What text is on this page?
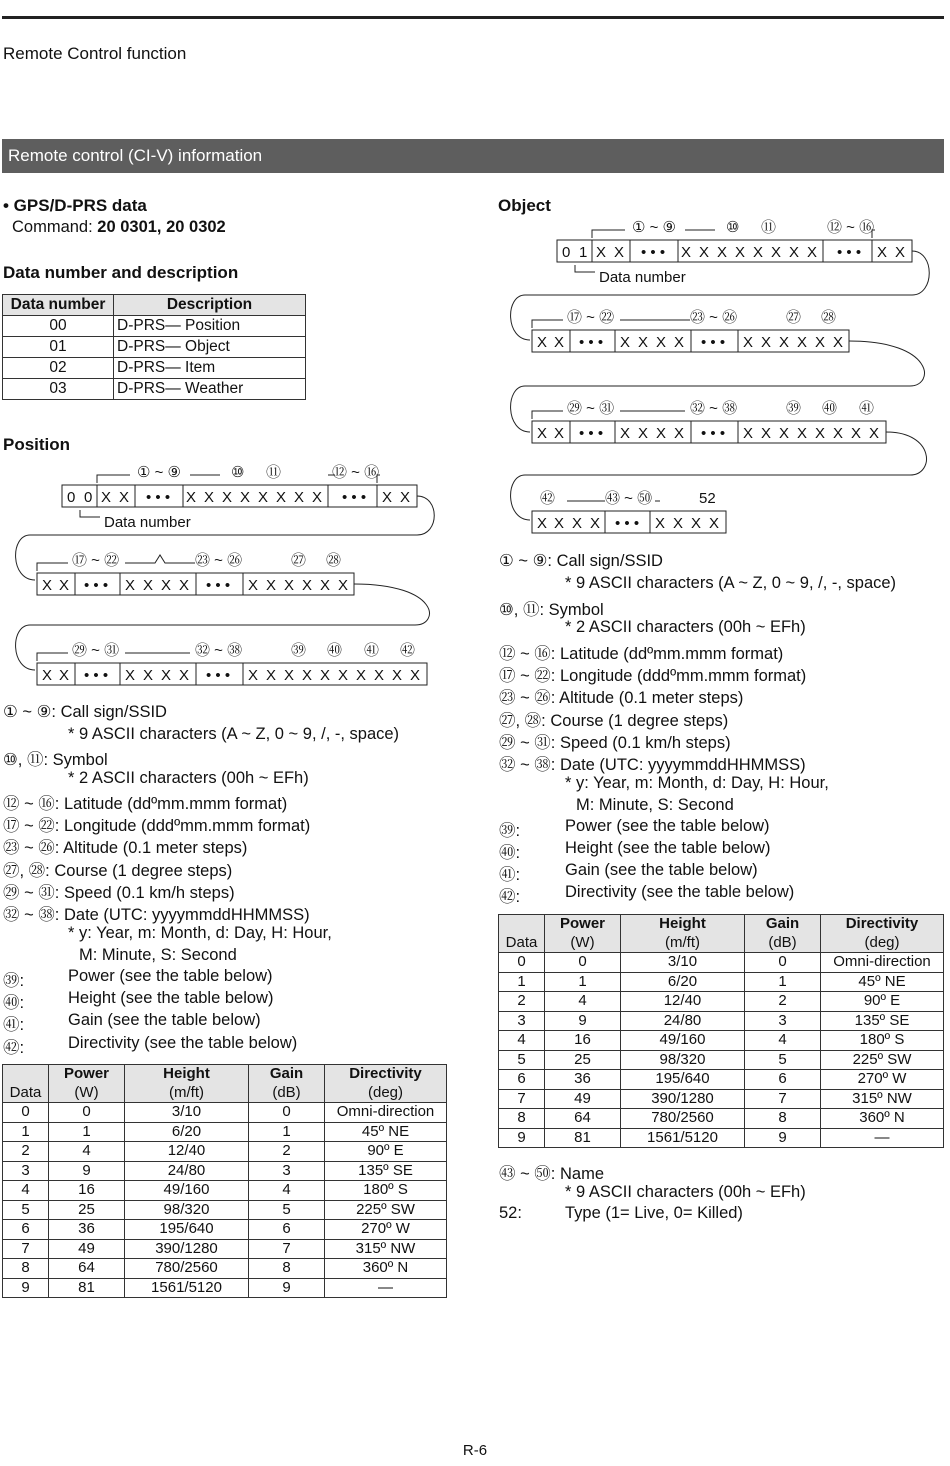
Remote Control function
Remote control (CI-V) information
• GPS/D-PRS data
Command: 20 0301, 20 0302
Data number and description
Data number	Description
00	D-PRS— Position
01	D-PRS— Object
02	D-PRS— Item
03	D-PRS— Weather
Position
0 0 X X • • • X X X X X X X X • • • X X
① ~ ⑨	⑩ ⑪	⑫ ~ ⑯
Data number
X X • • • X X X X • • • X X X X X X
⑰ ~ ㉒	㉓ ~ ㉖	㉗ ㉘
X X • • • X X X X • • • X X X X X X X X X X
㉙ ~ ㉛	㉜ ~ ㊳	㊴ ㊵ ㊶ ㊷
① ~ ⑨: Call sign/SSID
* 9 ASCII characters (A ~ Z, 0 ~ 9, /, -, space)
⑩, ⑪: Symbol
* 2 ASCII characters (00h ~ EFh)
⑫ ~ ⑯: Latitude (ddºmm.mmm format)
⑰ ~ ㉒: Longitude (dddºmm.mmm format)
㉓ ~ ㉖: Altitude (0.1 meter steps)
㉗, ㉘: Course (1 degree steps)
㉙ ~ ㉛: Speed (0.1 km/h steps)
㉜ ~ ㊳: Date (UTC: yyyymmddHHMMSS)
* y: Year, m: Month, d: Day, H: Hour,
M: Minute, S: Second
㊴:	Power (see the table below)
㊵:	Height (see the table below)
㊶:	Gain (see the table below)
㊷:	Directivity (see the table below)
	Power	Height	Gain	Directivity
Data	(W)	(m/ft)	(dB)	(deg)
0	0	3/10	0	Omni-direction
1	1	6/20	1	45º NE
2	4	12/40	2	90º E
3	9	24/80	3	135º SE
4	16	49/160	4	180º S
5	25	98/320	5	225º SW
6	36	195/640	6	270º W
7	49	390/1280	7	315º NW
8	64	780/2560	8	360º N
9	81	1561/5120	9	—
Object
0 1 X X • • • X X X X X X X X • • • X X
① ~ ⑨	⑩ ⑪	⑫ ~ ⑯
Data number
X X • • • X X X X • • • X X X X X X
⑰ ~ ㉒	㉓ ~ ㉖	㉗ ㉘
X X • • • X X X X • • • X X X X X X X X
㉙ ~ ㉛	㉜ ~ ㊳	㊴ ㊵ ㊶
X X X X • • • X X X X
㊷	㊸ ~ ㊿	52
① ~ ⑨: Call sign/SSID
* 9 ASCII characters (A ~ Z, 0 ~ 9, /, -, space)
⑩, ⑪: Symbol
* 2 ASCII characters (00h ~ EFh)
⑫ ~ ⑯: Latitude (ddºmm.mmm format)
⑰ ~ ㉒: Longitude (dddºmm.mmm format)
㉓ ~ ㉖: Altitude (0.1 meter steps)
㉗, ㉘: Course (1 degree steps)
㉙ ~ ㉛: Speed (0.1 km/h steps)
㉜ ~ ㊳: Date (UTC: yyyymmddHHMMSS)
* y: Year, m: Month, d: Day, H: Hour,
M: Minute, S: Second
㊴:	Power (see the table below)
㊵:	Height (see the table below)
㊶:	Gain (see the table below)
㊷:	Directivity (see the table below)
	Power	Height	Gain	Directivity
Data	(W)	(m/ft)	(dB)	(deg)
0	0	3/10	0	Omni-direction
1	1	6/20	1	45º NE
2	4	12/40	2	90º E
3	9	24/80	3	135º SE
4	16	49/160	4	180º S
5	25	98/320	5	225º SW
6	36	195/640	6	270º W
7	49	390/1280	7	315º NW
8	64	780/2560	8	360º N
9	81	1561/5120	9	—
㊸ ~ ㊿: Name
* 9 ASCII characters (00h ~ EFh)
52:	Type (1= Live, 0= Killed)
R-6
